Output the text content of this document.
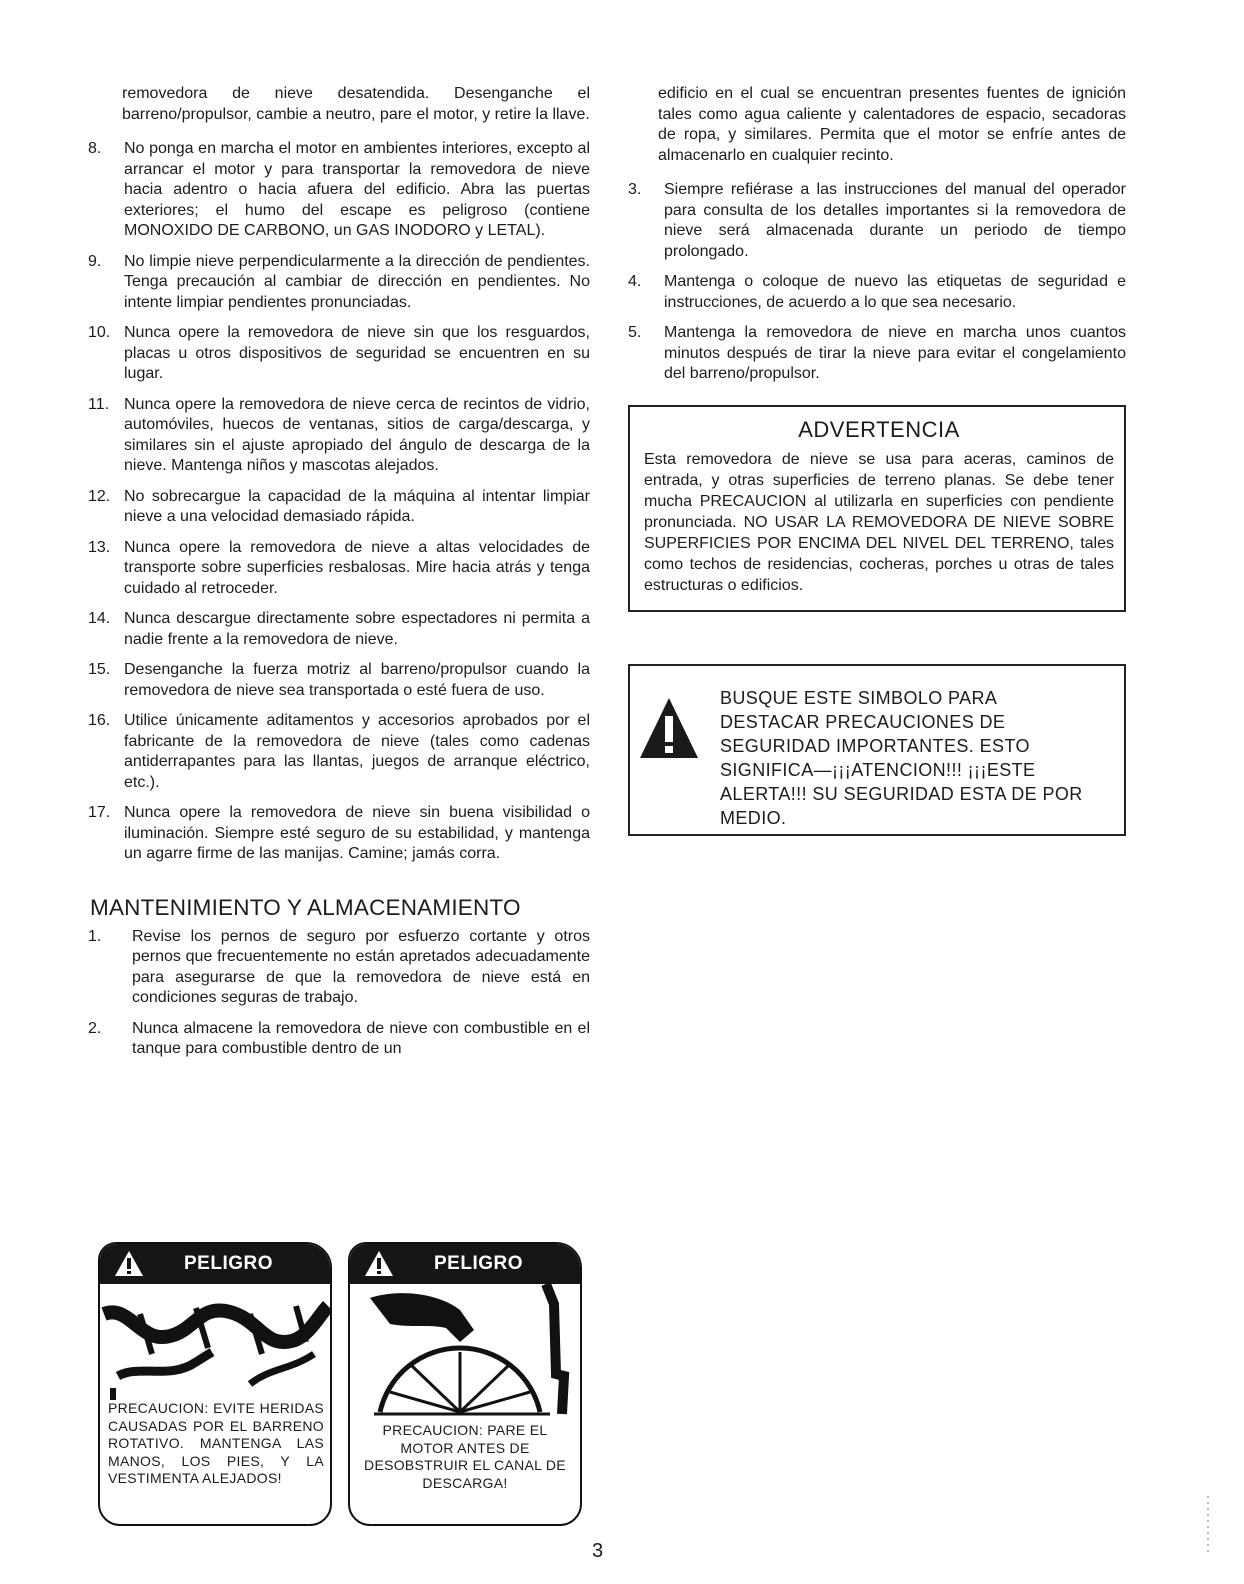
removedora de nieve desatendida. Desenganche el barreno/propulsor, cambie a neutro, pare el motor, y retire la llave.

8.	No ponga en marcha el motor en ambientes interiores, excepto al arrancar el motor y para transportar la removedora de nieve hacia adentro o hacia afuera del edificio. Abra las puertas exteriores; el humo del escape es peligroso (contiene MONOXIDO DE CARBONO, un GAS INODORO y LETAL).
9.	No limpie nieve perpendicularmente a la dirección de pendientes. Tenga precaución al cambiar de dirección en pendientes. No intente limpiar pendientes pronunciadas.
10. Nunca opere la removedora de nieve sin que los resguardos, placas u otros dispositivos de seguridad se encuentren en su lugar.
11. Nunca opere la removedora de nieve cerca de recintos de vidrio, automóviles, huecos de ventanas, sitios de carga/descarga, y similares sin el ajuste apropiado del ángulo de descarga de la nieve. Mantenga niños y mascotas alejados.
12. No sobrecargue la capacidad de la máquina al intentar limpiar nieve a una velocidad demasiado rápida.
13. Nunca opere la removedora de nieve a altas velocidades de transporte sobre superficies resbalosas. Mire hacia atrás y tenga cuidado al retroceder.
14. Nunca descargue directamente sobre espectadores ni permita a nadie frente a la removedora de nieve.
15. Desenganche la fuerza motriz al barreno/propulsor cuando la removedora de nieve sea transportada o esté fuera de uso.
16. Utilice únicamente aditamentos y accesorios aprobados por el fabricante de la removedora de nieve (tales como cadenas antiderrapantes para las llantas, juegos de arranque eléctrico, etc.).
17. Nunca opere la removedora de nieve sin buena visibilidad o iluminación. Siempre esté seguro de su estabilidad, y mantenga un agarre firme de las manijas. Camine; jamás corra.
MANTENIMIENTO Y ALMACENAMIENTO
1.	Revise los pernos de seguro por esfuerzo cortante y otros pernos que frecuentemente no están apretados adecuadamente para asegurarse de que la removedora de nieve está en condiciones seguras de trabajo.
2.	Nunca almacene la removedora de nieve con combustible en el tanque para combustible dentro de un

edificio en el cual se encuentran presentes fuentes de ignición tales como agua caliente y calentadores de espacio, secadoras de ropa, y similares. Permita que el motor se enfríe antes de almacenarlo en cualquier recinto.

3.	Siempre refiérase a las instrucciones del manual del operador para consulta de los detalles importantes si la removedora de nieve será almacenada durante un periodo de tiempo prolongado.
4.	Mantenga o coloque de nuevo las etiquetas de seguridad e instrucciones, de acuerdo a lo que sea necesario.
5.	Mantenga la removedora de nieve en marcha unos cuantos minutos después de tirar la nieve para evitar el congelamiento del barreno/propulsor.
ADVERTENCIA
Esta removedora de nieve se usa para aceras, caminos de entrada, y otras superficies de terreno planas. Se debe tener mucha PRECAUCION al utilizarla en superficies con pendiente pronunciada. NO USAR LA REMOVEDORA DE NIEVE SOBRE SUPERFICIES POR ENCIMA DEL NIVEL DEL TERRENO, tales como techos de residencias, cocheras, porches u otras de tales estructuras o edificios.
BUSQUE ESTE SIMBOLO PARA DESTACAR PRECAUCIONES DE SEGURIDAD IMPORTANTES. ESTO SIGNIFICA—¡¡¡ATENCION!!! ¡¡¡ESTE ALERTA!!! SU SEGURIDAD ESTA DE POR MEDIO.
PELIGRO
PRECAUCION: EVITE HERIDAS CAUSADAS POR EL BARRENO ROTATIVO. MANTENGA LAS MANOS, LOS PIES, Y LA VESTIMENTA ALEJADOS!
PELIGRO
PRECAUCION: PARE EL MOTOR ANTES DE DESOBSTRUIR EL CANAL DE DESCARGA!
3
